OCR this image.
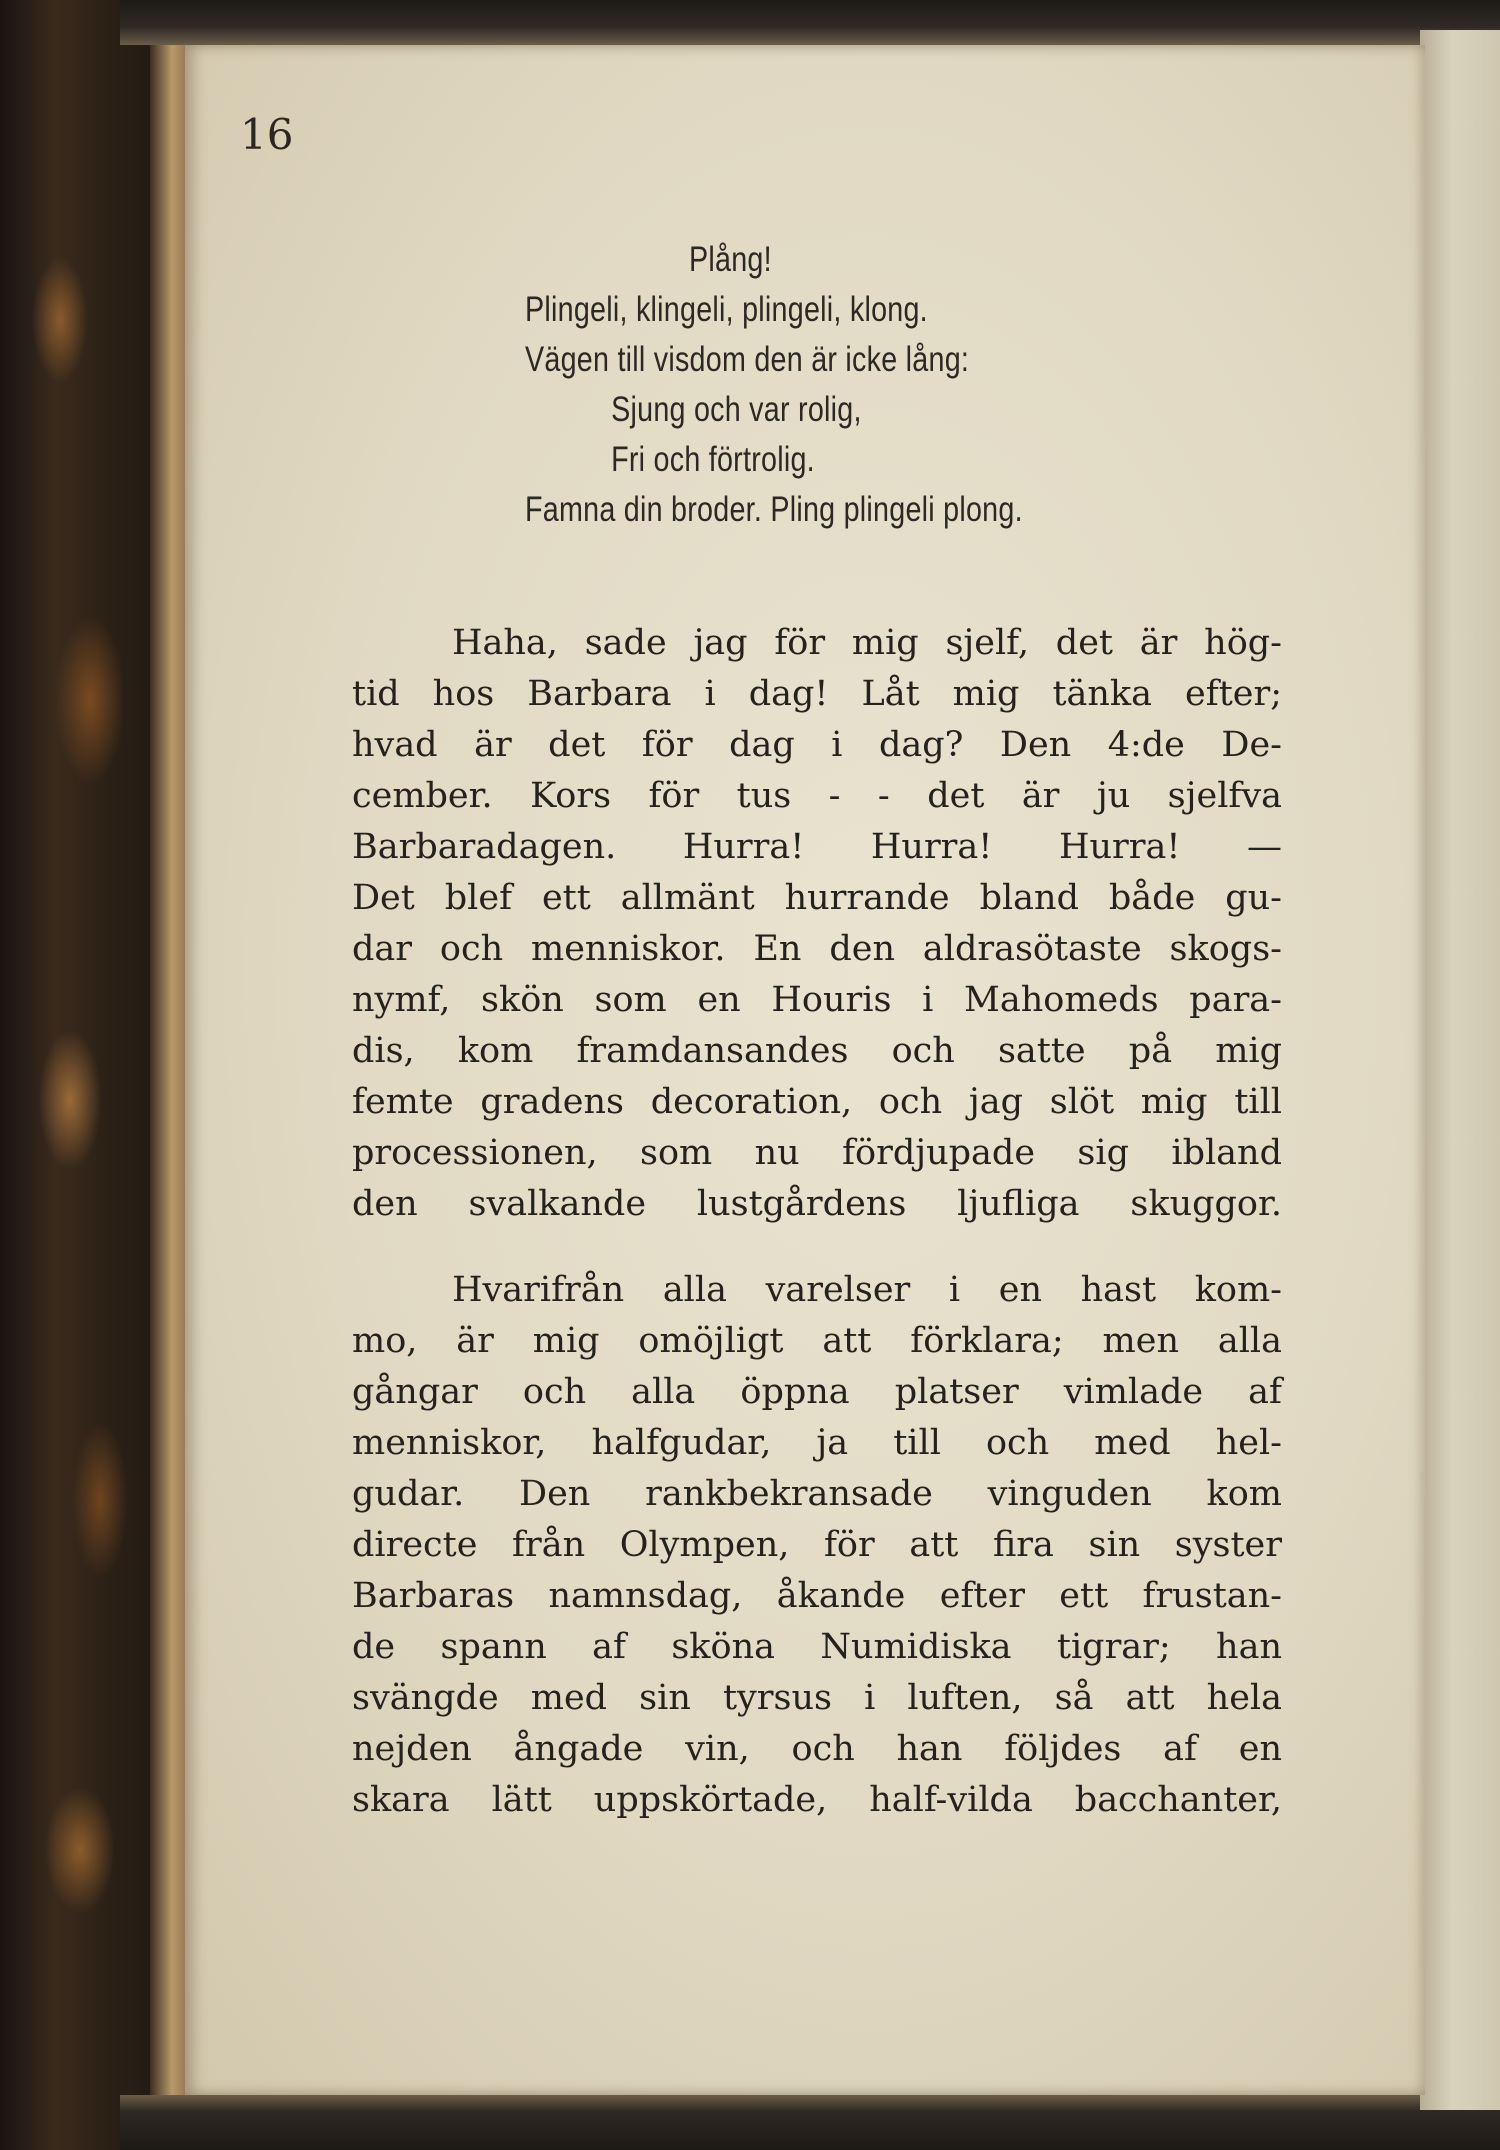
16

Plång!
Plingeli, klingeli, plingeli, klong.
Vägen till visdom den är icke lång:
Sjung och var rolig,
Fri och förtrolig.
Famna din broder. Pling plingeli plong.
Haha, sade jag för mig sjelf, det är hög-
tid hos Barbara i dag! Låt mig tänka efter;
hvad är det för dag i dag? Den 4:de De-
cember. Kors för tus - - det är ju sjelfva
Barbaradagen. Hurra! Hurra! Hurra! —
Det blef ett allmänt hurrande bland både gu-
dar och menniskor. En den aldrasötaste skogs-
nymf, skön som en Houris i Mahomeds para-
dis, kom framdansandes och satte på mig
femte gradens decoration, och jag slöt mig till
processionen, som nu fördjupade sig ibland
den svalkande lustgårdens ljufliga skuggor.
Hvarifrån alla varelser i en hast kom-
mo, är mig omöjligt att förklara; men alla
gångar och alla öppna platser vimlade af
menniskor, halfgudar, ja till och med hel-
gudar. Den rankbekransade vinguden kom
directe från Olympen, för att fira sin syster
Barbaras namnsdag, åkande efter ett frustan-
de spann af sköna Numidiska tigrar; han
svängde med sin tyrsus i luften, så att hela
nejden ångade vin, och han följdes af en
skara lätt uppskörtade, half-vilda bacchanter,
